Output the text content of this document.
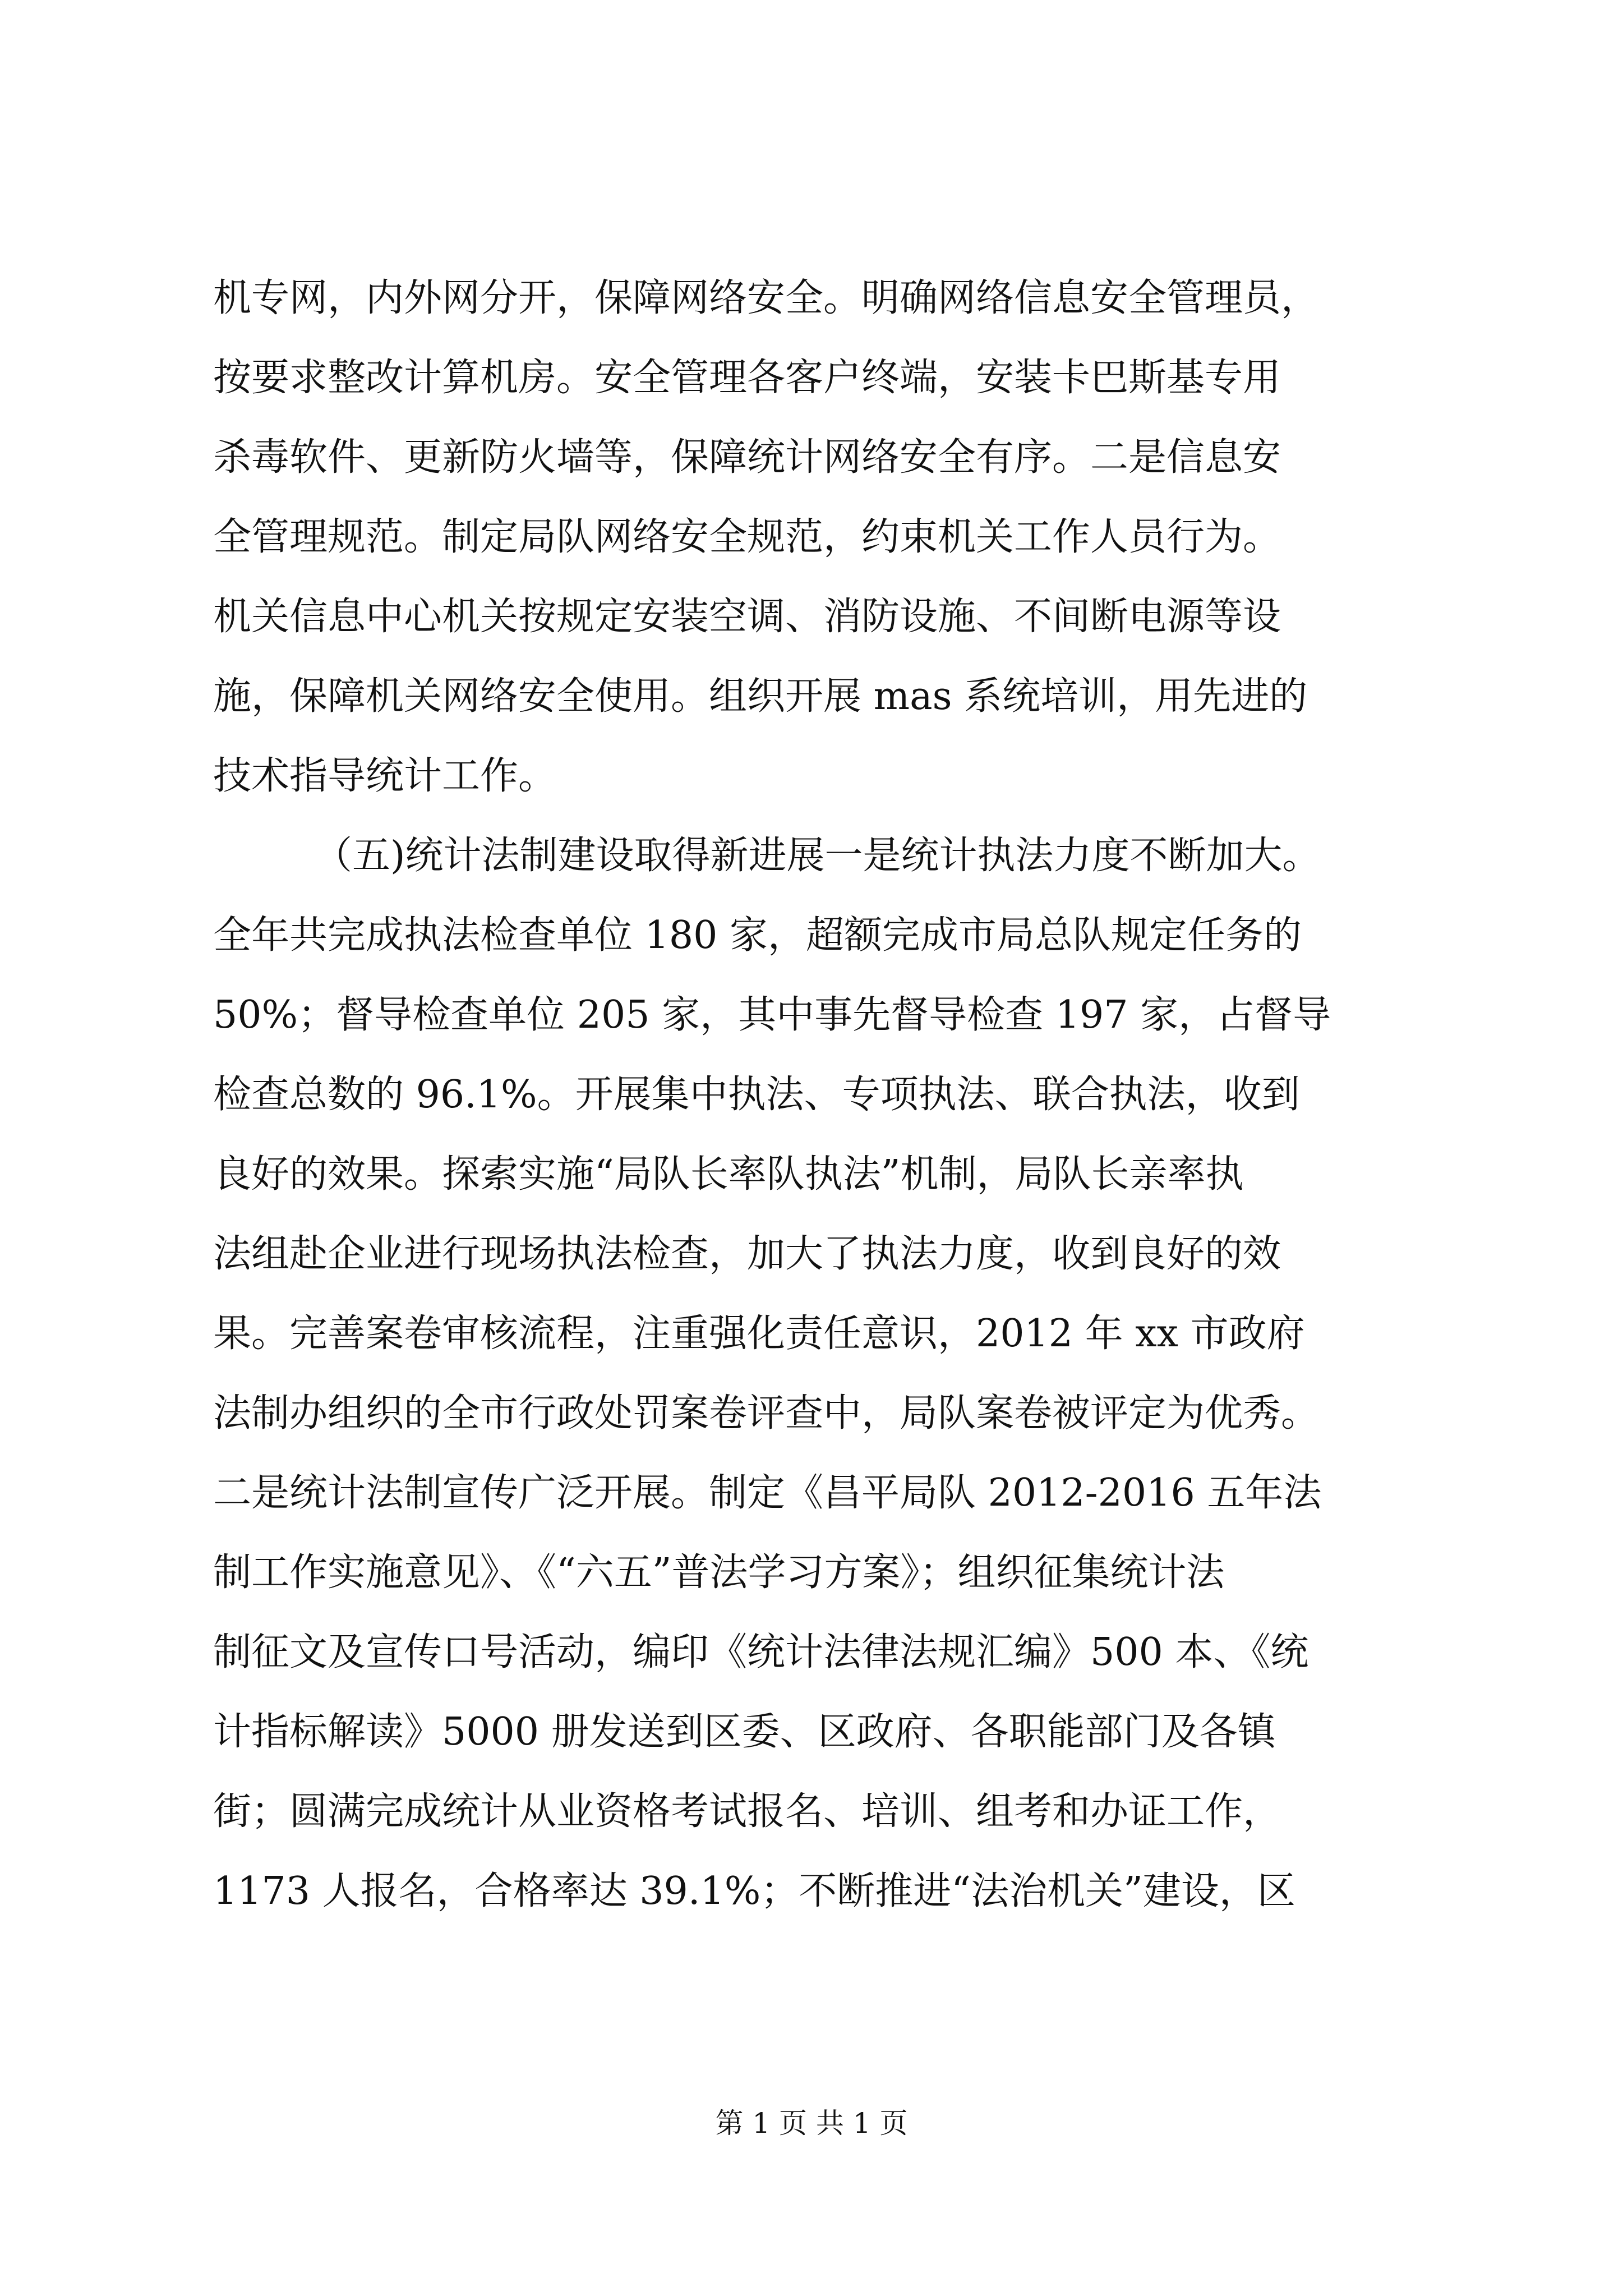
机专网，内外网分开，保障网络安全。明确网络信息安全管理员，
按要求整改计算机房。安全管理各客户终端，安装卡巴斯基专用
杀毒软件、更新防火墙等，保障统计网络安全有序。二是信息安
全管理规范。制定局队网络安全规范，约束机关工作人员行为。
机关信息中心机关按规定安装空调、消防设施、不间断电源等设
施，保障机关网络安全使用。组织开展 mas 系统培训，用先进的
技术指导统计工作。
（五)统计法制建设取得新进展一是统计执法力度不断加大。
全年共完成执法检查单位 180 家，超额完成市局总队规定任务的
50%；督导检查单位 205 家，其中事先督导检查 197 家，占督导
检查总数的 96.1%。开展集中执法、专项执法、联合执法，收到
良好的效果。探索实施“局队长率队执法”机制，局队长亲率执
法组赴企业进行现场执法检查，加大了执法力度，收到良好的效
果。完善案卷审核流程，注重强化责任意识，2012 年 xx 市政府
法制办组织的全市行政处罚案卷评查中，局队案卷被评定为优秀。
二是统计法制宣传广泛开展。制定《昌平局队 2012-2016 五年法
制工作实施意见》、《“六五”普法学习方案》；组织征集统计法
制征文及宣传口号活动，编印《统计法律法规汇编》500 本、《统
计指标解读》5000 册发送到区委、区政府、各职能部门及各镇
街；圆满完成统计从业资格考试报名、培训、组考和办证工作，
1173 人报名，合格率达 39.1%；不断推进“法治机关”建设，区
第 1 页 共 1 页
